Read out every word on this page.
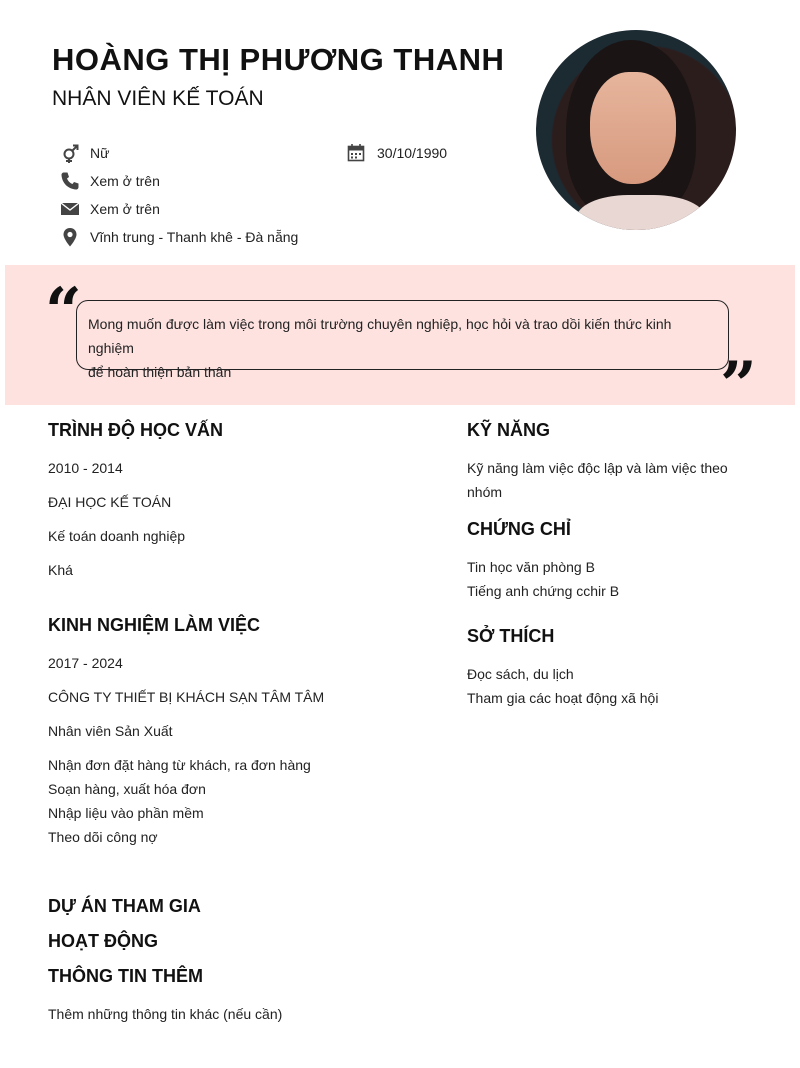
HOÀNG THỊ PHƯƠNG THANH
NHÂN VIÊN KẾ TOÁN
Nữ	30/10/1990
Xem ở trên
Xem ở trên
Vĩnh trung - Thanh khê - Đà nẵng
“ Mong muốn được làm việc trong môi trường chuyên nghiệp, học hỏi và trao dồi kiến thức kinh nghiệm
để hoàn thiện bản thân	”
TRÌNH ĐỘ HỌC VẤN
2010 - 2014
ĐẠI HỌC KẾ TOÁN
Kế toán doanh nghiệp
Khá
KINH NGHIỆM LÀM VIỆC
2017 - 2024
CÔNG TY THIẾT BỊ KHÁCH SẠN TÂM TÂM
Nhân viên Sản Xuất
Nhận đơn đặt hàng từ khách, ra đơn hàng
Soạn hàng, xuất hóa đơn
Nhập liệu vào phần mềm
Theo dõi công nợ
DỰ ÁN THAM GIA
HOẠT ĐỘNG
THÔNG TIN THÊM
Thêm những thông tin khác (nếu cần)
KỸ NĂNG
Kỹ năng làm việc độc lập và làm việc theo
nhóm
CHỨNG CHỈ
Tin học văn phòng B
Tiếng anh chứng cchir B
SỞ THÍCH
Đọc sách, du lịch
Tham gia các hoạt động xã hội
